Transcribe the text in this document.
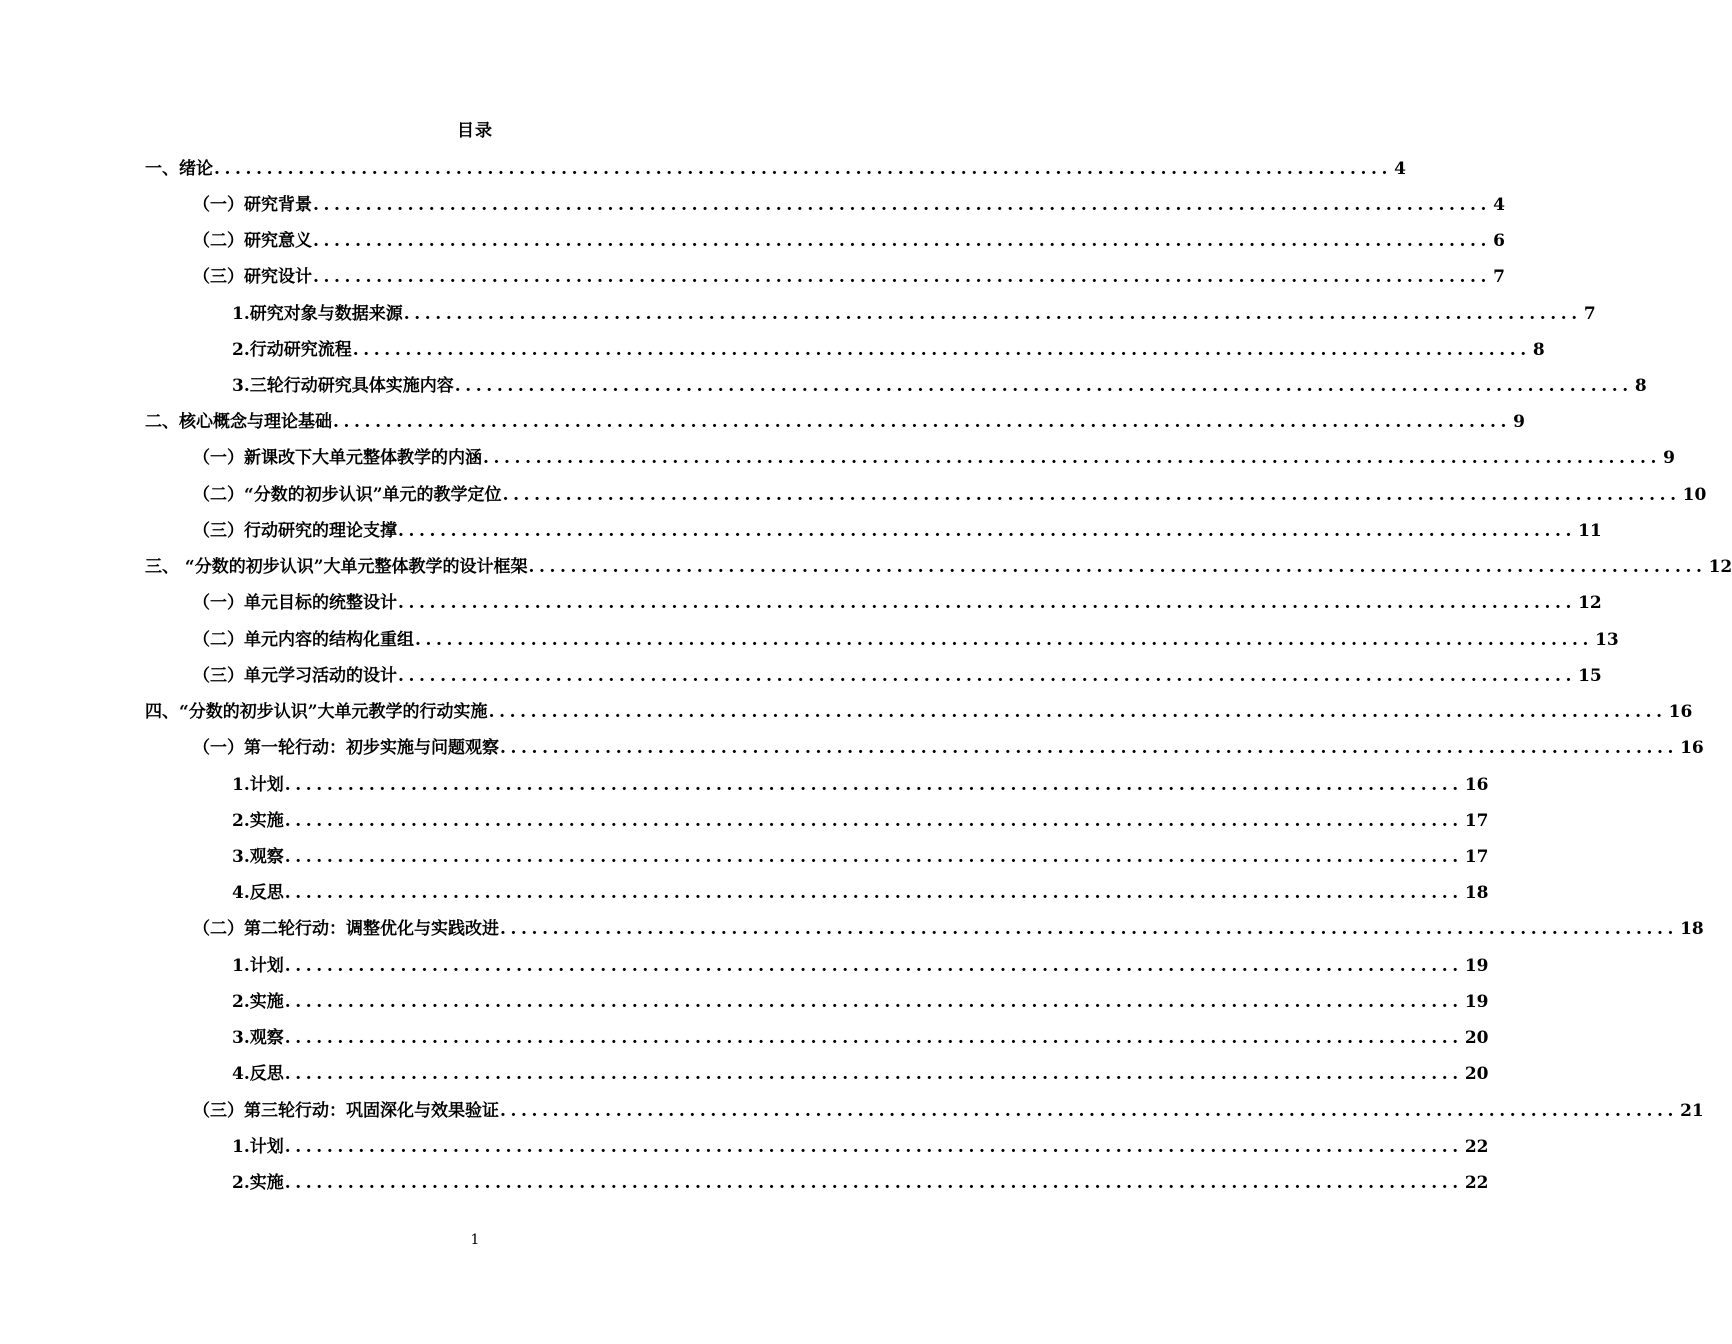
目录
一、绪论 ................................................................................................................ 4
（一）研究背景 ................................................................................................................ 4
（二）研究意义 ................................................................................................................ 6
（三）研究设计 ................................................................................................................ 7
1.研究对象与数据来源 ................................................................................................................ 7
2.行动研究流程 ................................................................................................................ 8
3.三轮行动研究具体实施内容 ................................................................................................................ 8
二、核心概念与理论基础 ................................................................................................................ 9
（一）新课改下大单元整体教学的内涵 ................................................................................................................ 9
（二）“分数的初步认识”单元的教学定位 ................................................................................................................ 10
（三）行动研究的理论支撑 ................................................................................................................ 11
三、 “分数的初步认识”大单元整体教学的设计框架 ................................................................................................................ 12
（一）单元目标的统整设计 ................................................................................................................ 12
（二）单元内容的结构化重组 ................................................................................................................ 13
（三）单元学习活动的设计 ................................................................................................................ 15
四、“分数的初步认识”大单元教学的行动实施 ................................................................................................................ 16
（一）第一轮行动：初步实施与问题观察 ................................................................................................................ 16
1.计划 ................................................................................................................ 16
2.实施 ................................................................................................................ 17
3.观察 ................................................................................................................ 17
4.反思 ................................................................................................................ 18
（二）第二轮行动：调整优化与实践改进 ................................................................................................................ 18
1.计划 ................................................................................................................ 19
2.实施 ................................................................................................................ 19
3.观察 ................................................................................................................ 20
4.反思 ................................................................................................................ 20
（三）第三轮行动：巩固深化与效果验证 ................................................................................................................ 21
1.计划 ................................................................................................................ 22
2.实施 ................................................................................................................ 22
1
